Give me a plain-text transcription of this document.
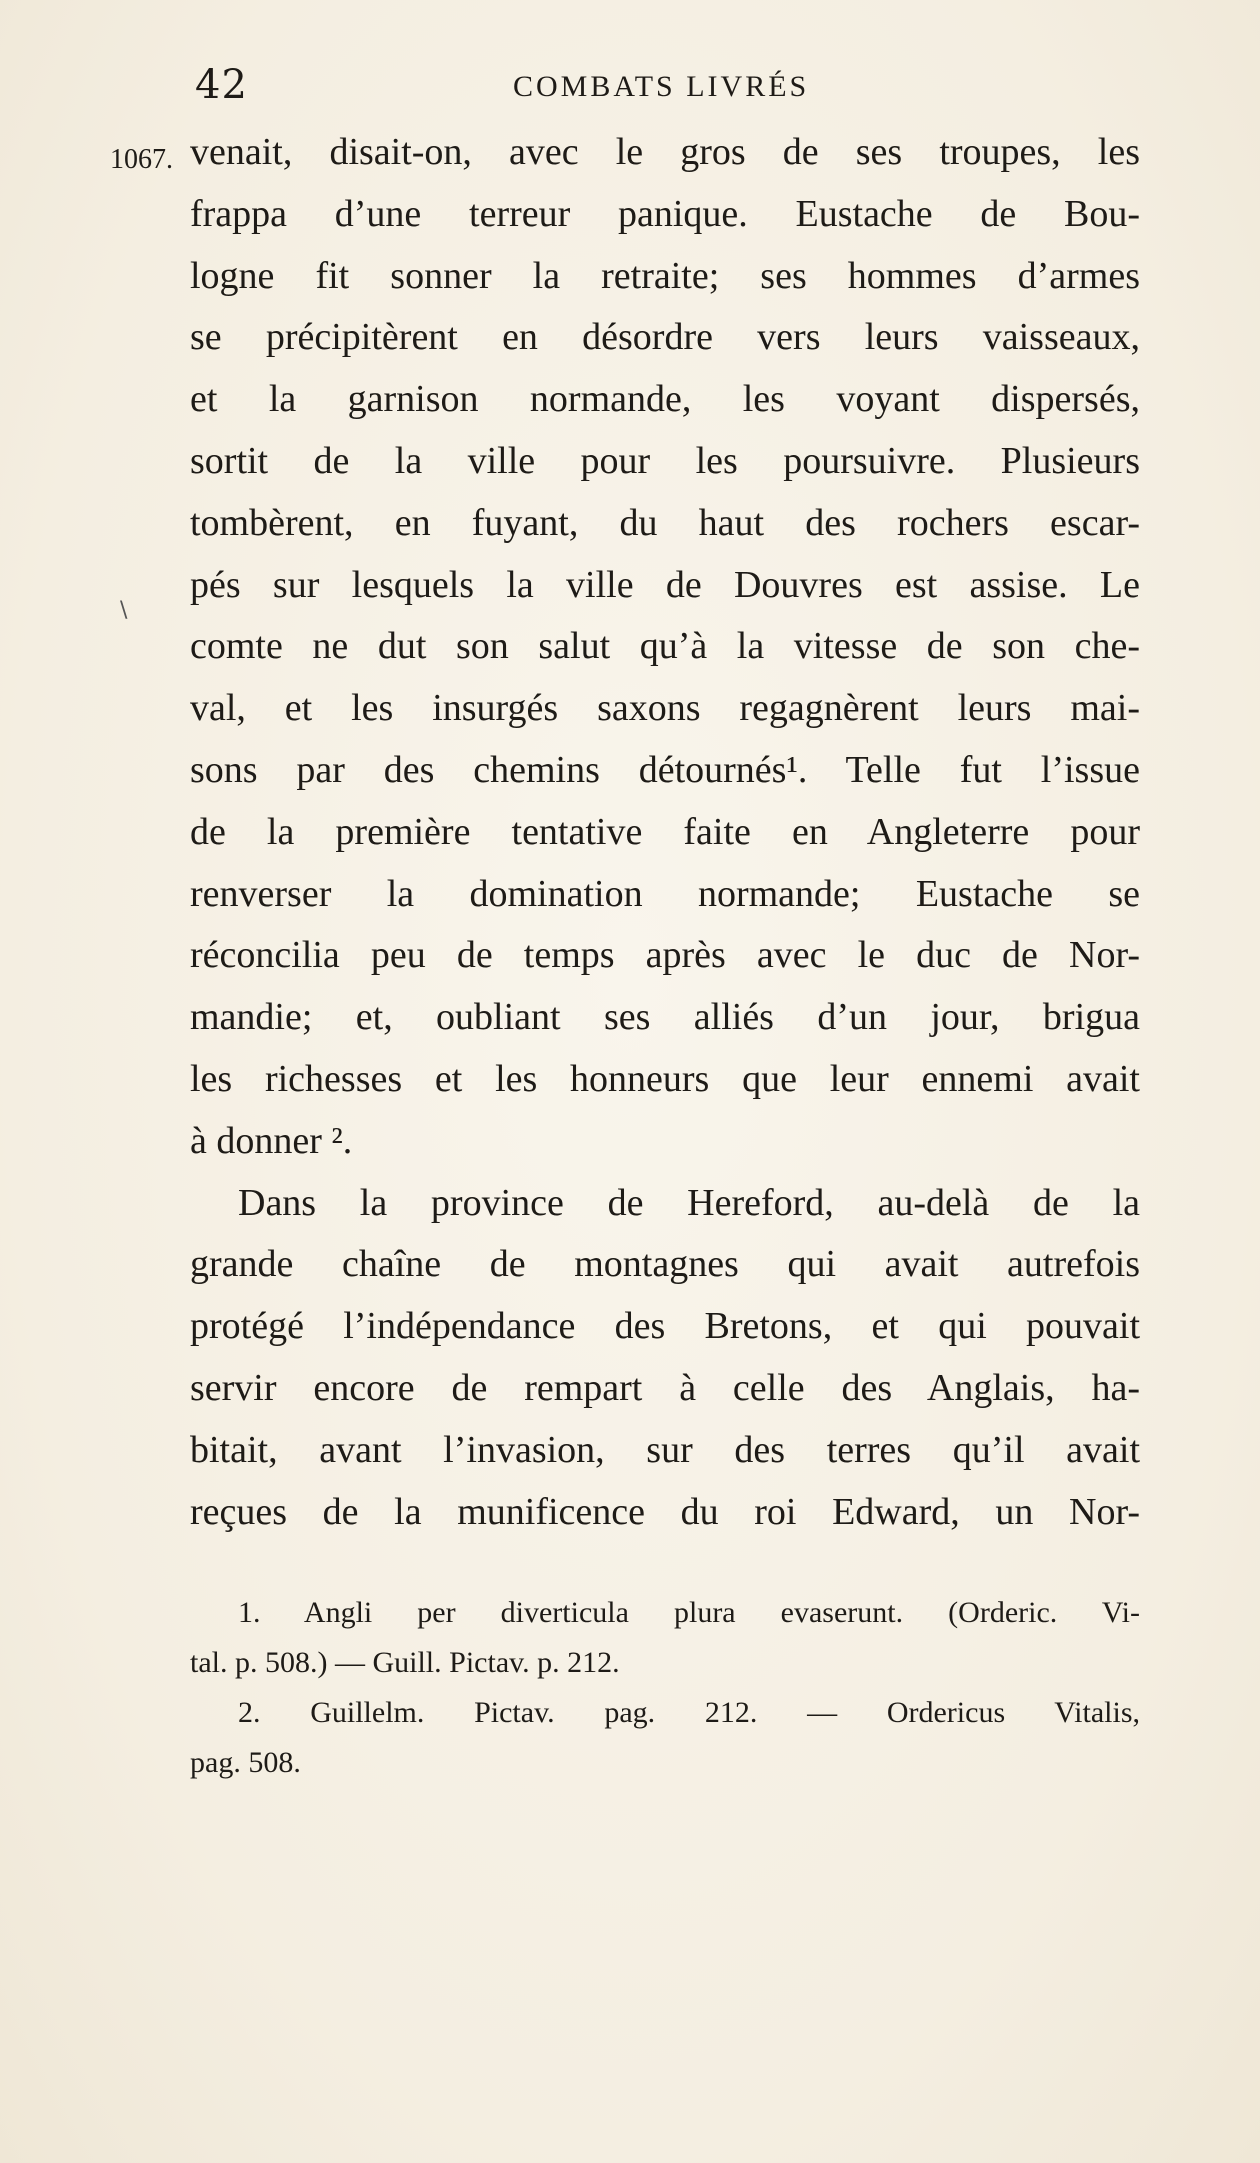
42	COMBATS LIVRÉS
1067.
\
venait, disait-on, avec le gros de ses troupes, les
frappa d’une terreur panique. Eustache de Bou-
logne fit sonner la retraite; ses hommes d’armes
se précipitèrent en désordre vers leurs vaisseaux,
et la garnison normande, les voyant dispersés,
sortit de la ville pour les poursuivre. Plusieurs
tombèrent, en fuyant, du haut des rochers escar-
pés sur lesquels la ville de Douvres est assise. Le
comte ne dut son salut qu’à la vitesse de son che-
val, et les insurgés saxons regagnèrent leurs mai-
sons par des chemins détournés¹. Telle fut l’issue
de la première tentative faite en Angleterre pour
renverser la domination normande; Eustache se
réconcilia peu de temps après avec le duc de Nor-
mandie; et, oubliant ses alliés d’un jour, brigua
les richesses et les honneurs que leur ennemi avait
à donner ².
Dans la province de Hereford, au-delà de la
grande chaîne de montagnes qui avait autrefois
protégé l’indépendance des Bretons, et qui pouvait
servir encore de rempart à celle des Anglais, ha-
bitait, avant l’invasion, sur des terres qu’il avait
reçues de la munificence du roi Edward, un Nor-
1. Angli per diverticula plura evaserunt. (Orderic. Vi-
tal. p. 508.) — Guill. Pictav. p. 212.
2. Guillelm. Pictav. pag. 212. — Ordericus Vitalis,
pag. 508.
